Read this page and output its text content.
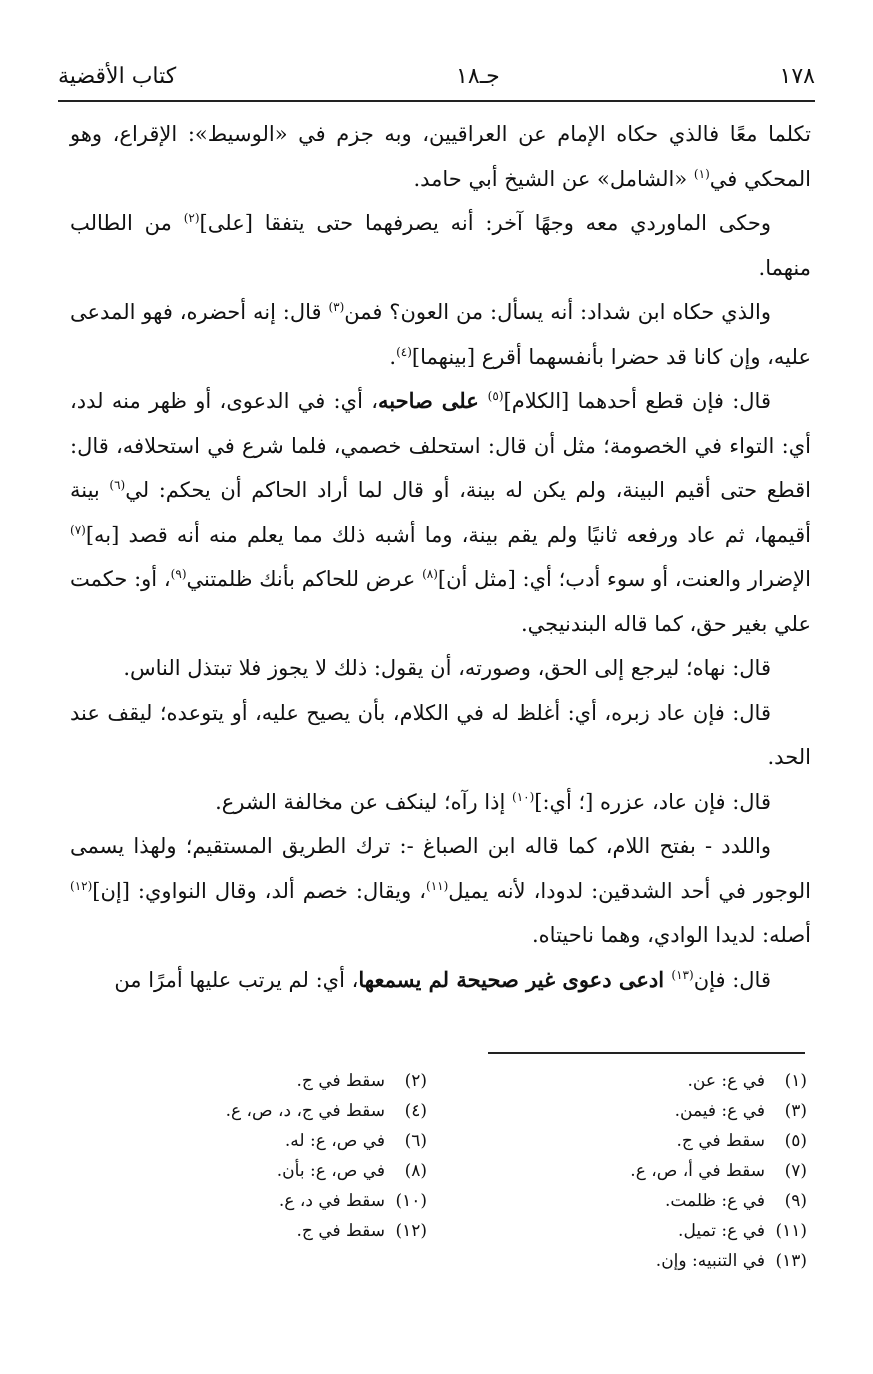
١٧٨
جـ١٨
كتاب الأقضية

تكلما معًا فالذي حكاه الإمام عن العراقيين، وبه جزم في «الوسيط»: الإقراع، وهو المحكي في$^{(١)}$ «الشامل» عن الشيخ أبي حامد.

وحكى الماوردي معه وجهًا آخر: أنه يصرفهما حتى يتفقا [على]$^{(٢)}$ من الطالب منهما.

والذي حكاه ابن شداد: أنه يسأل: من العون؟ فمن$^{(٣)}$ قال: إنه أحضره، فهو المدعى عليه، وإن كانا قد حضرا بأنفسهما أقرع [بينهما]$^{(٤)}$.

قال: فإن قطع أحدهما [الكلام]$^{(٥)}$ على صاحبه، أي: في الدعوى، أو ظهر منه لدد، أي: التواء في الخصومة؛ مثل أن قال: استحلف خصمي، فلما شرع في استحلافه، قال: اقطع حتى أقيم البينة، ولم يكن له بينة، أو قال لما أراد الحاكم أن يحكم: لي$^{(٦)}$ بينة أقيمها، ثم عاد ورفعه ثانيًا ولم يقم بينة، وما أشبه ذلك مما يعلم منه أنه قصد [به]$^{(٧)}$ الإضرار والعنت، أو سوء أدب؛ أي: [مثل أن]$^{(٨)}$ عرض للحاكم بأنك ظلمتني$^{(٩)}$، أو: حكمت علي بغير حق، كما قاله البندنيجي.

قال: نهاه؛ ليرجع إلى الحق، وصورته، أن يقول: ذلك لا يجوز فلا تبتذل الناس.

قال: فإن عاد زبره، أي: أغلظ له في الكلام، بأن يصيح عليه، أو يتوعده؛ ليقف عند الحد.

قال: فإن عاد، عزره [؛ أي:]$^{(١٠)}$ إذا رآه؛ لينكف عن مخالفة الشرع.

واللدد - بفتح اللام، كما قاله ابن الصباغ -: ترك الطريق المستقيم؛ ولهذا يسمى الوجور في أحد الشدقين: لدودا، لأنه يميل$^{(١١)}$، ويقال: خصم ألد، وقال النواوي: [إن]$^{(١٢)}$ أصله: لديدا الوادي، وهما ناحيتاه.

قال: فإن$^{(١٣)}$ ادعى دعوى غير صحيحة لم يسمعها، أي: لم يرتب عليها أمرًا من

(١)في ع: عن.
(٣)في ع: فيمن.
(٥)سقط في ج.
(٧)سقط في أ، ص، ع.
(٩)في ع: ظلمت.
(١١)في ع: تميل.
(١٣)في التنبيه: وإن.
(٢)سقط في ج.
(٤)سقط في ج، د، ص، ع.
(٦)في ص، ع: له.
(٨)في ص، ع: بأن.
(١٠)سقط في د، ع.
(١٢)سقط في ج.
